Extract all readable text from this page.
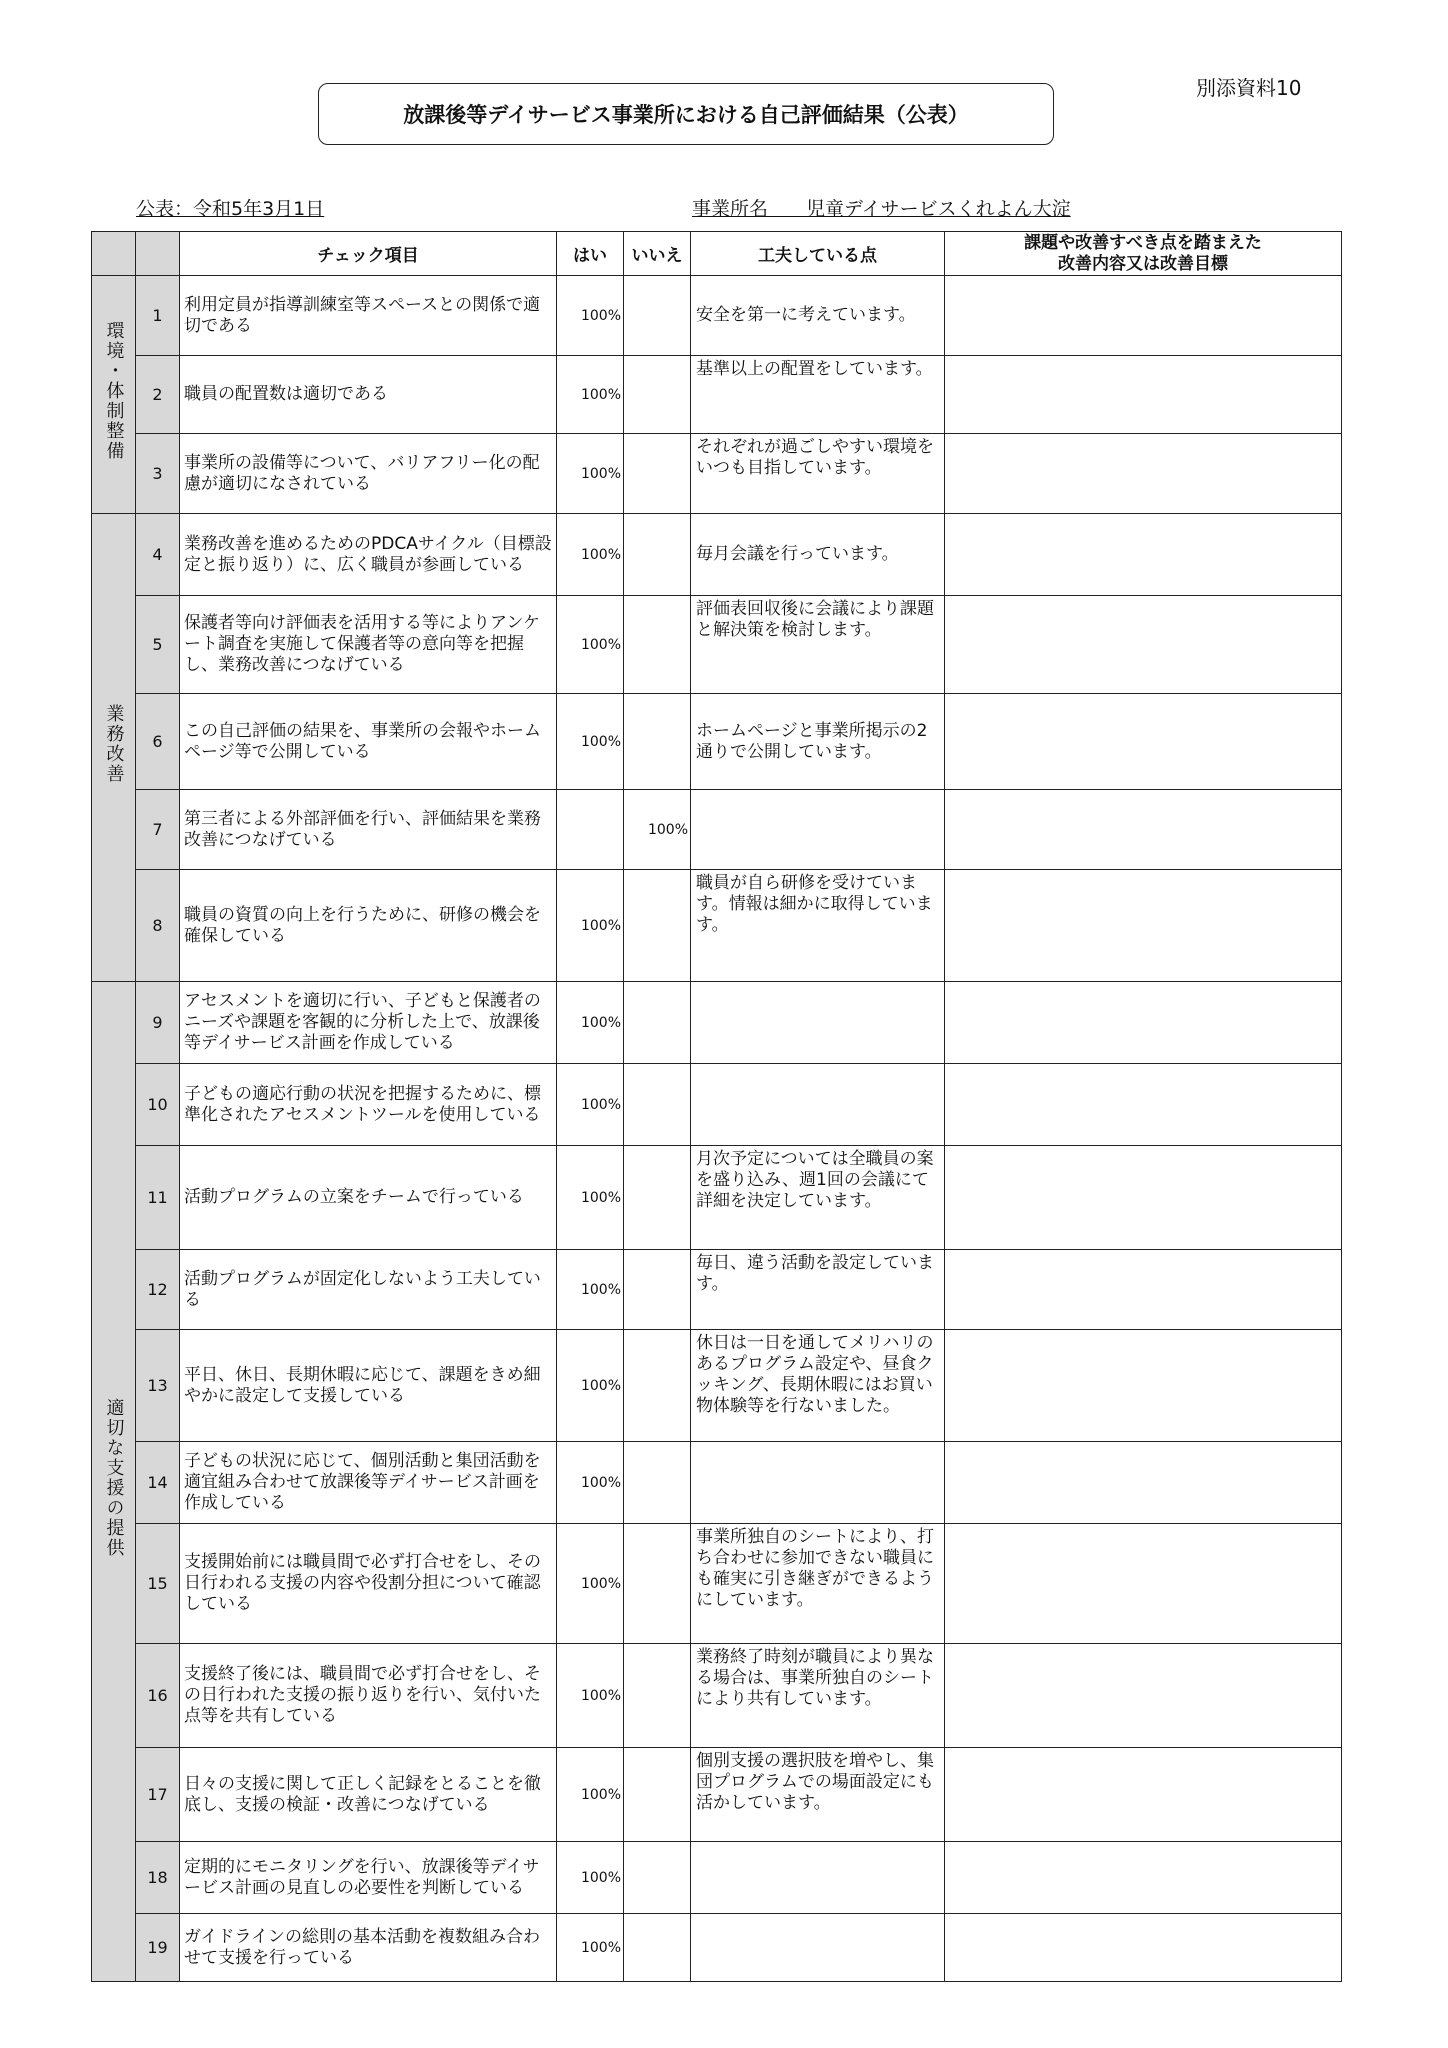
別添資料10
放課後等デイサービス事業所における自己評価結果（公表）
公表：令和5年3月1日	事業所名　　児童デイサービスくれよん大淀
		チェック項目	はい	いいえ	工夫している点	課題や改善すべき点を踏まえた
改善内容又は改善目標

環境・体制整備	1	利用定員が指導訓練室等スペースとの関係で適切である	100%		安全を第一に考えています。	
	2	職員の配置数は適切である	100%		基準以上の配置をしています。	
	3	事業所の設備等について、バリアフリー化の配慮が適切になされている	100%		それぞれが過ごしやすい環境をいつも目指しています。	
業務改善	4	業務改善を進めるためのPDCAサイクル（目標設定と振り返り）に、広く職員が参画している	100%		毎月会議を行っています。	
	5	保護者等向け評価表を活用する等によりアンケート調査を実施して保護者等の意向等を把握し、業務改善につなげている	100%		評価表回収後に会議により課題と解決策を検討します。	
	6	この自己評価の結果を、事業所の会報やホームページ等で公開している	100%		ホームページと事業所掲示の2通りで公開しています。	
	7	第三者による外部評価を行い、評価結果を業務改善につなげている		100%		
	8	職員の資質の向上を行うために、研修の機会を確保している	100%		職員が自ら研修を受けています。情報は細かに取得しています。	
適切な支援の提供	9	アセスメントを適切に行い、子どもと保護者のニーズや課題を客観的に分析した上で、放課後等デイサービス計画を作成している	100%			
	10	子どもの適応行動の状況を把握するために、標準化されたアセスメントツールを使用している	100%			
	11	活動プログラムの立案をチームで行っている	100%		月次予定については全職員の案を盛り込み、週1回の会議にて詳細を決定しています。	
	12	活動プログラムが固定化しないよう工夫している	100%		毎日、違う活動を設定しています。	
	13	平日、休日、長期休暇に応じて、課題をきめ細やかに設定して支援している	100%		休日は一日を通してメリハリのあるプログラム設定や、昼食クッキング、長期休暇にはお買い物体験等を行ないました。	
	14	子どもの状況に応じて、個別活動と集団活動を適宜組み合わせて放課後等デイサービス計画を作成している	100%			
	15	支援開始前には職員間で必ず打合せをし、その日行われる支援の内容や役割分担について確認している	100%		事業所独自のシートにより、打ち合わせに参加できない職員にも確実に引き継ぎができるようにしています。	
	16	支援終了後には、職員間で必ず打合せをし、その日行われた支援の振り返りを行い、気付いた点等を共有している	100%		業務終了時刻が職員により異なる場合は、事業所独自のシートにより共有しています。	
	17	日々の支援に関して正しく記録をとることを徹底し、支援の検証・改善につなげている	100%		個別支援の選択肢を増やし、集団プログラムでの場面設定にも活かしています。	
	18	定期的にモニタリングを行い、放課後等デイサービス計画の見直しの必要性を判断している	100%			
	19	ガイドラインの総則の基本活動を複数組み合わせて支援を行っている	100%			
